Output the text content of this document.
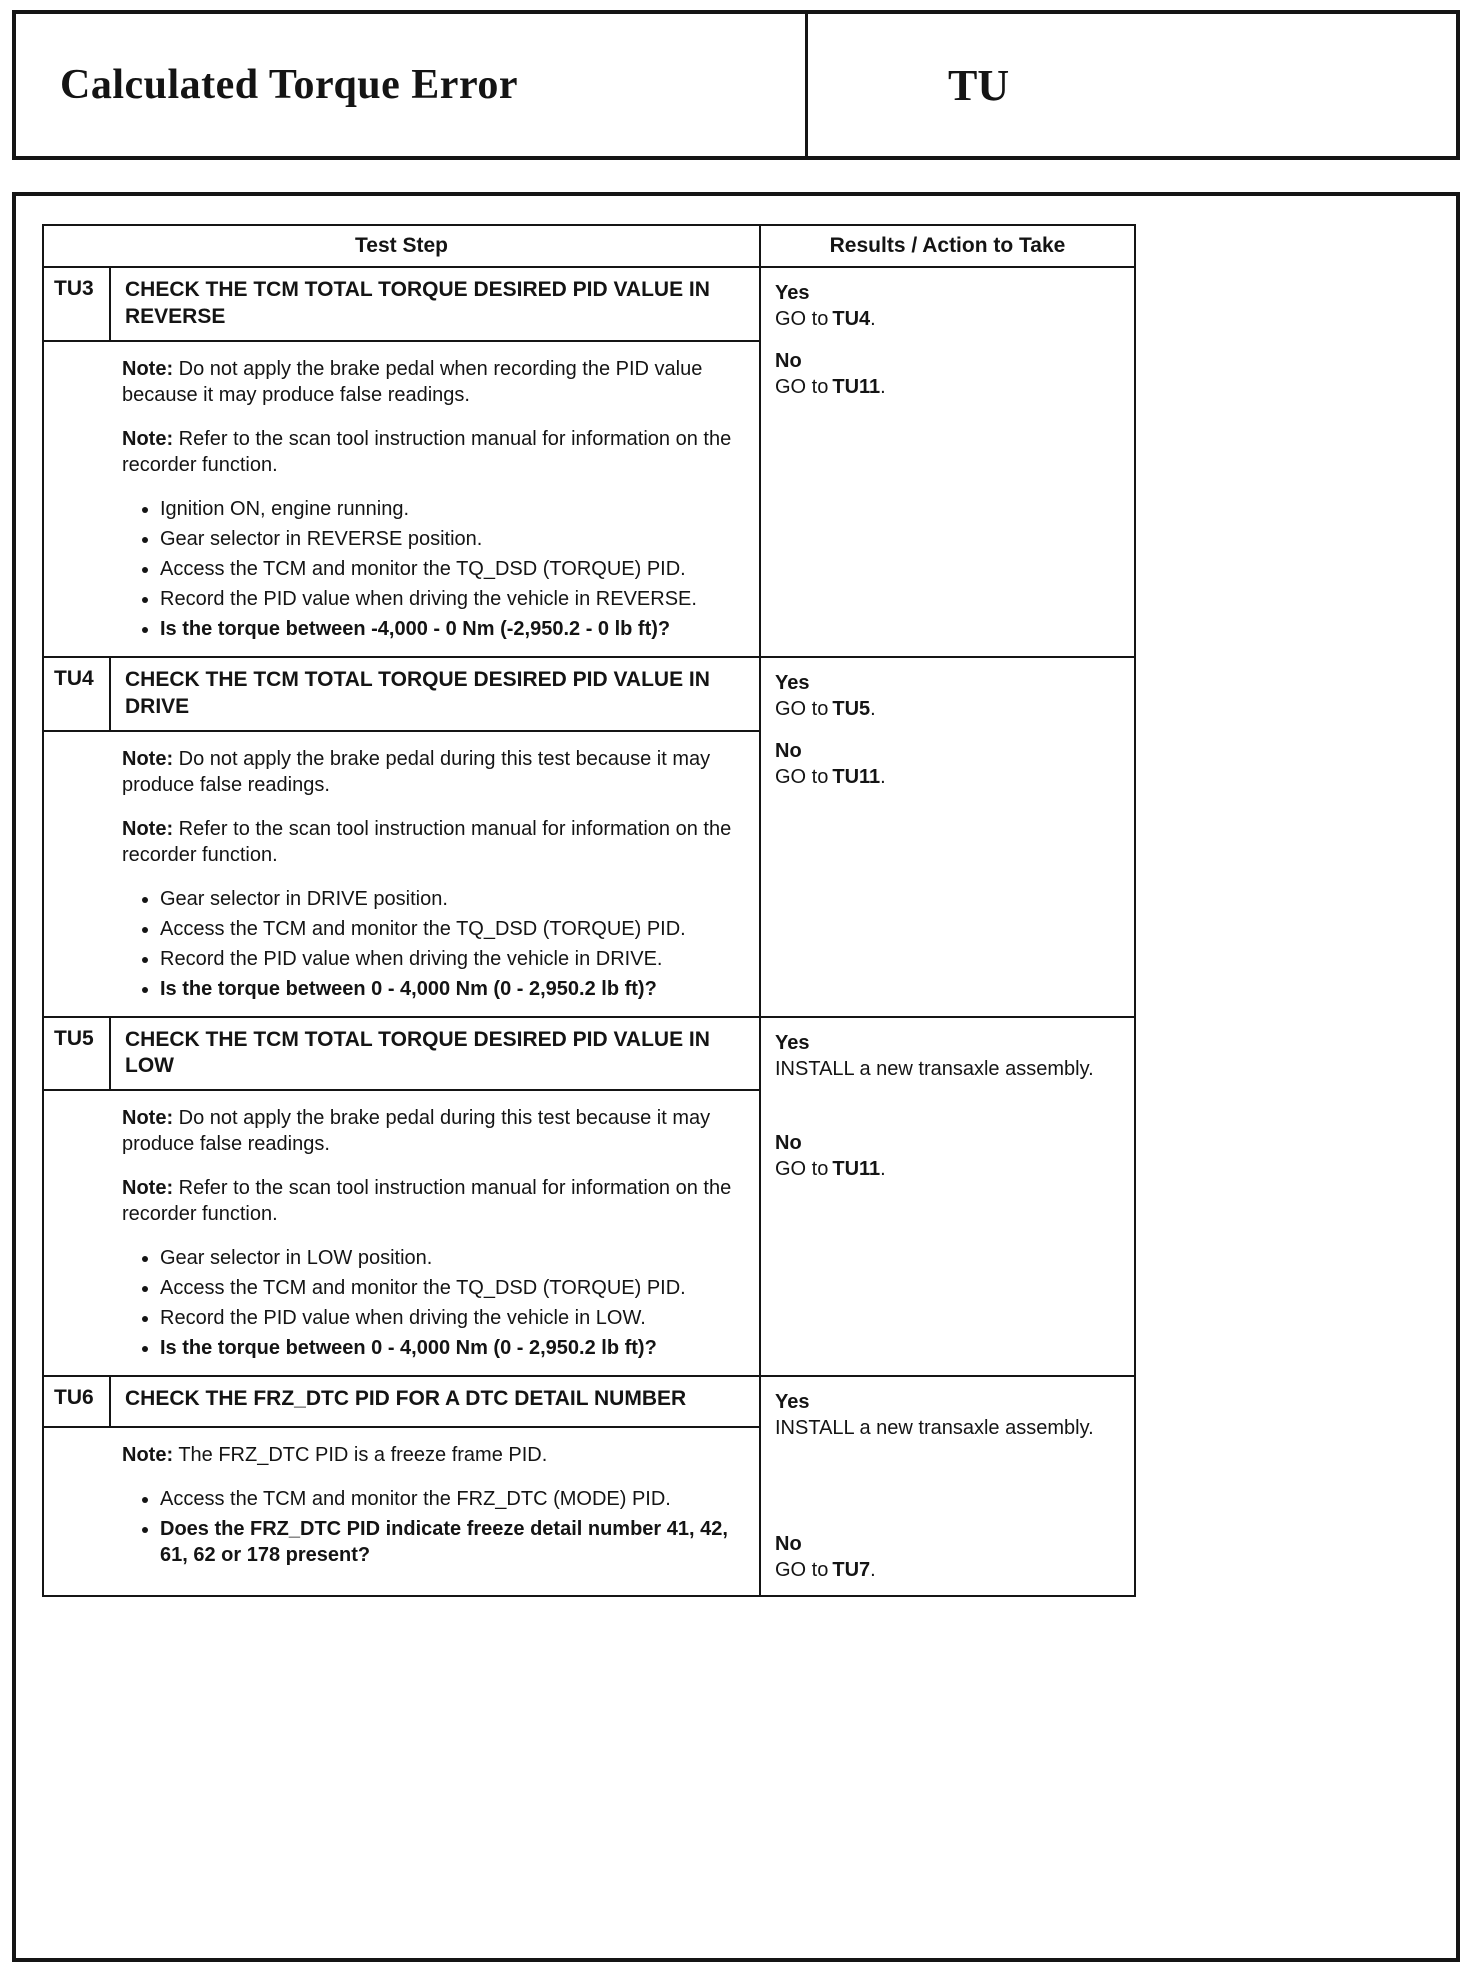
Calculated Torque Error	TU
Test Step		Results / Action to Take
TU3	CHECK THE TCM TOTAL TORQUE DESIRED PID VALUE IN REVERSE	Yes
GO to TU4.
No
GO to TU11.

Note: Do not apply the brake pedal when recording the PID value because it may produce false readings.

Note: Refer to the scan tool instruction manual for information on the recorder function.

• Ignition ON, engine running.
• Gear selector in REVERSE position.
• Access the TCM and monitor the TQ_DSD (TORQUE) PID.
• Record the PID value when driving the vehicle in REVERSE.
• Is the torque between -4,000 - 0 Nm (-2,950.2 - 0 lb ft)?

TU4	CHECK THE TCM TOTAL TORQUE DESIRED PID VALUE IN DRIVE	Yes
GO to TU5.
No
GO to TU11.

Note: Do not apply the brake pedal during this test because it may produce false readings.

Note: Refer to the scan tool instruction manual for information on the recorder function.

• Gear selector in DRIVE position.
• Access the TCM and monitor the TQ_DSD (TORQUE) PID.
• Record the PID value when driving the vehicle in DRIVE.
• Is the torque between 0 - 4,000 Nm (0 - 2,950.2 lb ft)?

TU5	CHECK THE TCM TOTAL TORQUE DESIRED PID VALUE IN LOW	Yes
INSTALL a new transaxle assembly.
No
GO to TU11.

Note: Do not apply the brake pedal during this test because it may produce false readings.

Note: Refer to the scan tool instruction manual for information on the recorder function.

• Gear selector in LOW position.
• Access the TCM and monitor the TQ_DSD (TORQUE) PID.
• Record the PID value when driving the vehicle in LOW.
• Is the torque between 0 - 4,000 Nm (0 - 2,950.2 lb ft)?

TU6	CHECK THE FRZ_DTC PID FOR A DTC DETAIL NUMBER	Yes
INSTALL a new transaxle assembly.
No
GO to TU7.

Note: The FRZ_DTC PID is a freeze frame PID.

• Access the TCM and monitor the FRZ_DTC (MODE) PID.
• Does the FRZ_DTC PID indicate freeze detail number 41, 42, 61, 62 or 178 present?
